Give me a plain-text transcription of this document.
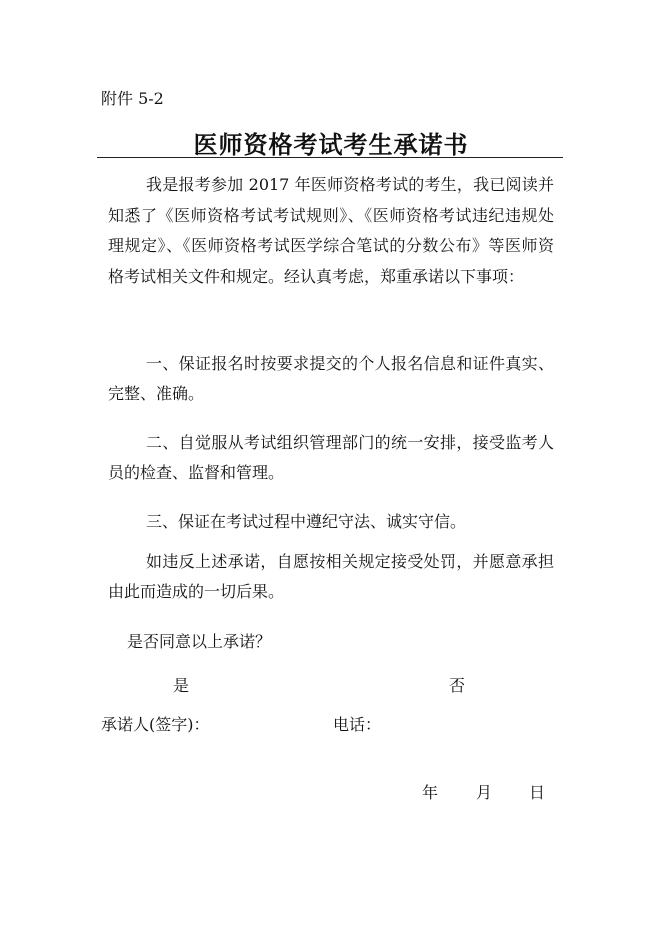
附件 5-2
医师资格考试考生承诺书
我是报考参加 2017 年医师资格考试的考生，我已阅读并知悉了《医师资格考试考试规则》、《医师资格考试违纪违规处理规定》、《医师资格考试医学综合笔试的分数公布》等医师资格考试相关文件和规定。经认真考虑，郑重承诺以下事项：
一、保证报名时按要求提交的个人报名信息和证件真实、完整、准确。
二、自觉服从考试组织管理部门的统一安排，接受监考人员的检查、监督和管理。
三、保证在考试过程中遵纪守法、诚实守信。
如违反上述承诺，自愿按相关规定接受处罚，并愿意承担由此而造成的一切后果。
是否同意以上承诺？
是	否
承诺人(签字)：	电话：
年 月 日
